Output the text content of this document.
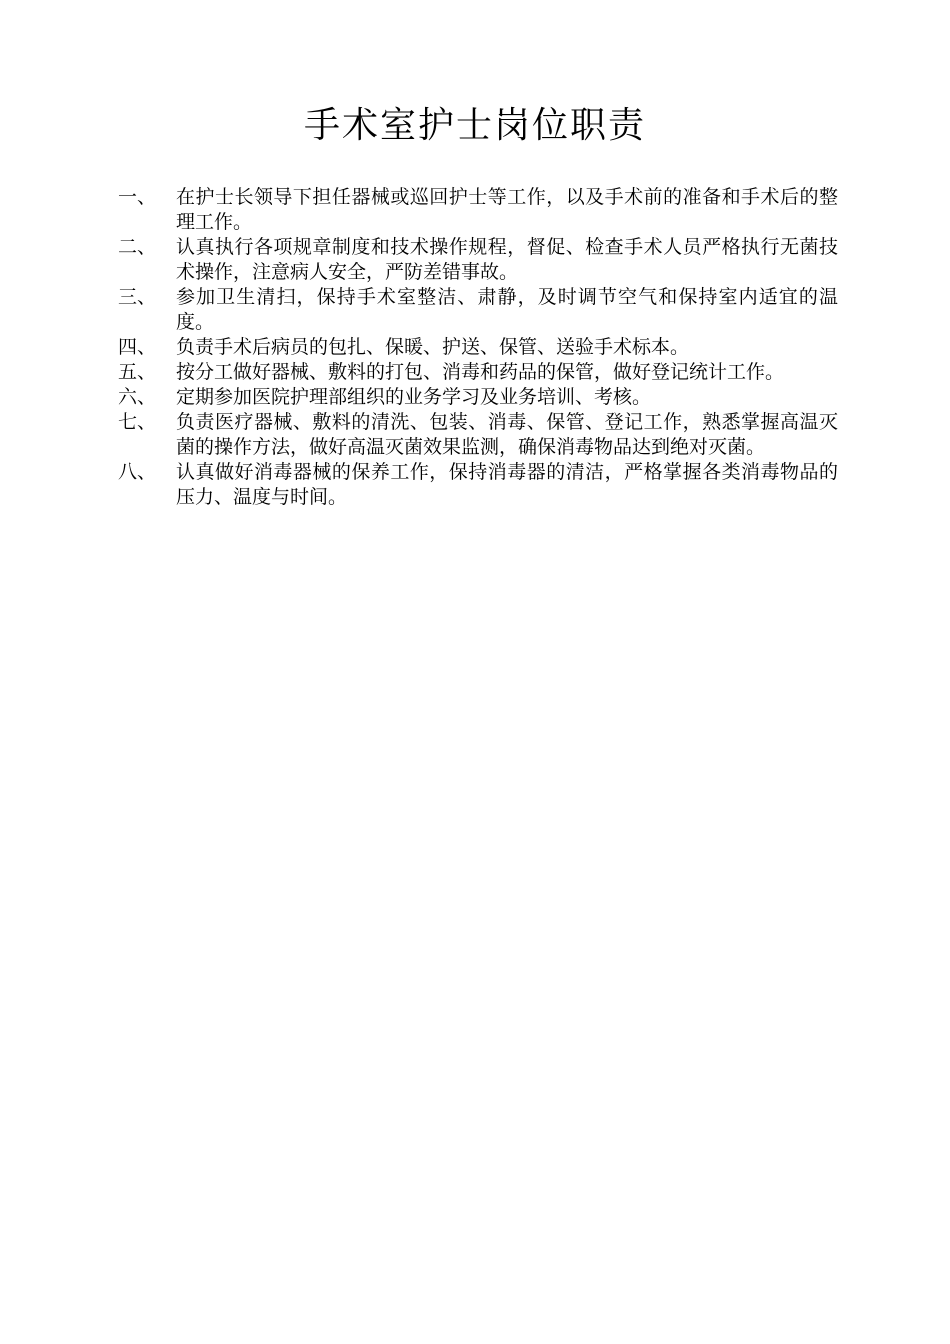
手术室护士岗位职责
一、	在护士长领导下担任器械或巡回护士等工作，以及手术前的准备和手术后的整理工作。
二、	认真执行各项规章制度和技术操作规程，督促、检查手术人员严格执行无菌技术操作，注意病人安全，严防差错事故。
三、	参加卫生清扫，保持手术室整洁、肃静，及时调节空气和保持室内适宜的温度。
四、	负责手术后病员的包扎、保暖、护送、保管、送验手术标本。
五、	按分工做好器械、敷料的打包、消毒和药品的保管，做好登记统计工作。
六、	定期参加医院护理部组织的业务学习及业务培训、考核。
七、	负责医疗器械、敷料的清洗、包装、消毒、保管、登记工作，熟悉掌握高温灭菌的操作方法，做好高温灭菌效果监测，确保消毒物品达到绝对灭菌。
八、	认真做好消毒器械的保养工作，保持消毒器的清洁，严格掌握各类消毒物品的压力、温度与时间。
